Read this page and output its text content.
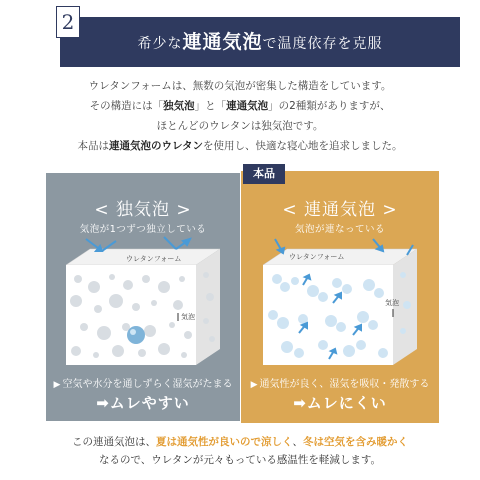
希少な連通気泡で温度依存を克服
2
ウレタンフォームは、無数の気泡が密集した構造をしています。
その構造には「独気泡」と「連通気泡」の2種類がありますが、
ほとんどのウレタンは独気泡です。
本品は連通気泡のウレタンを使用し、快適な寝心地を追求しました。
< 独気泡 >
気泡が1つずつ独立している
ウレタンフォーム
気泡
▶ 空気や水分を通しずらく湿気がたまる
➡ムレやすい
< 連通気泡 >
気泡が連なっている
ウレタンフォーム
気泡
▶ 通気性が良く、湿気を吸収・発散する
➡ムレにくい
本品
この連通気泡は、夏は通気性が良いので涼しく、冬は空気を含み暖かく
なるので、ウレタンが元々もっている感温性を軽減します。
